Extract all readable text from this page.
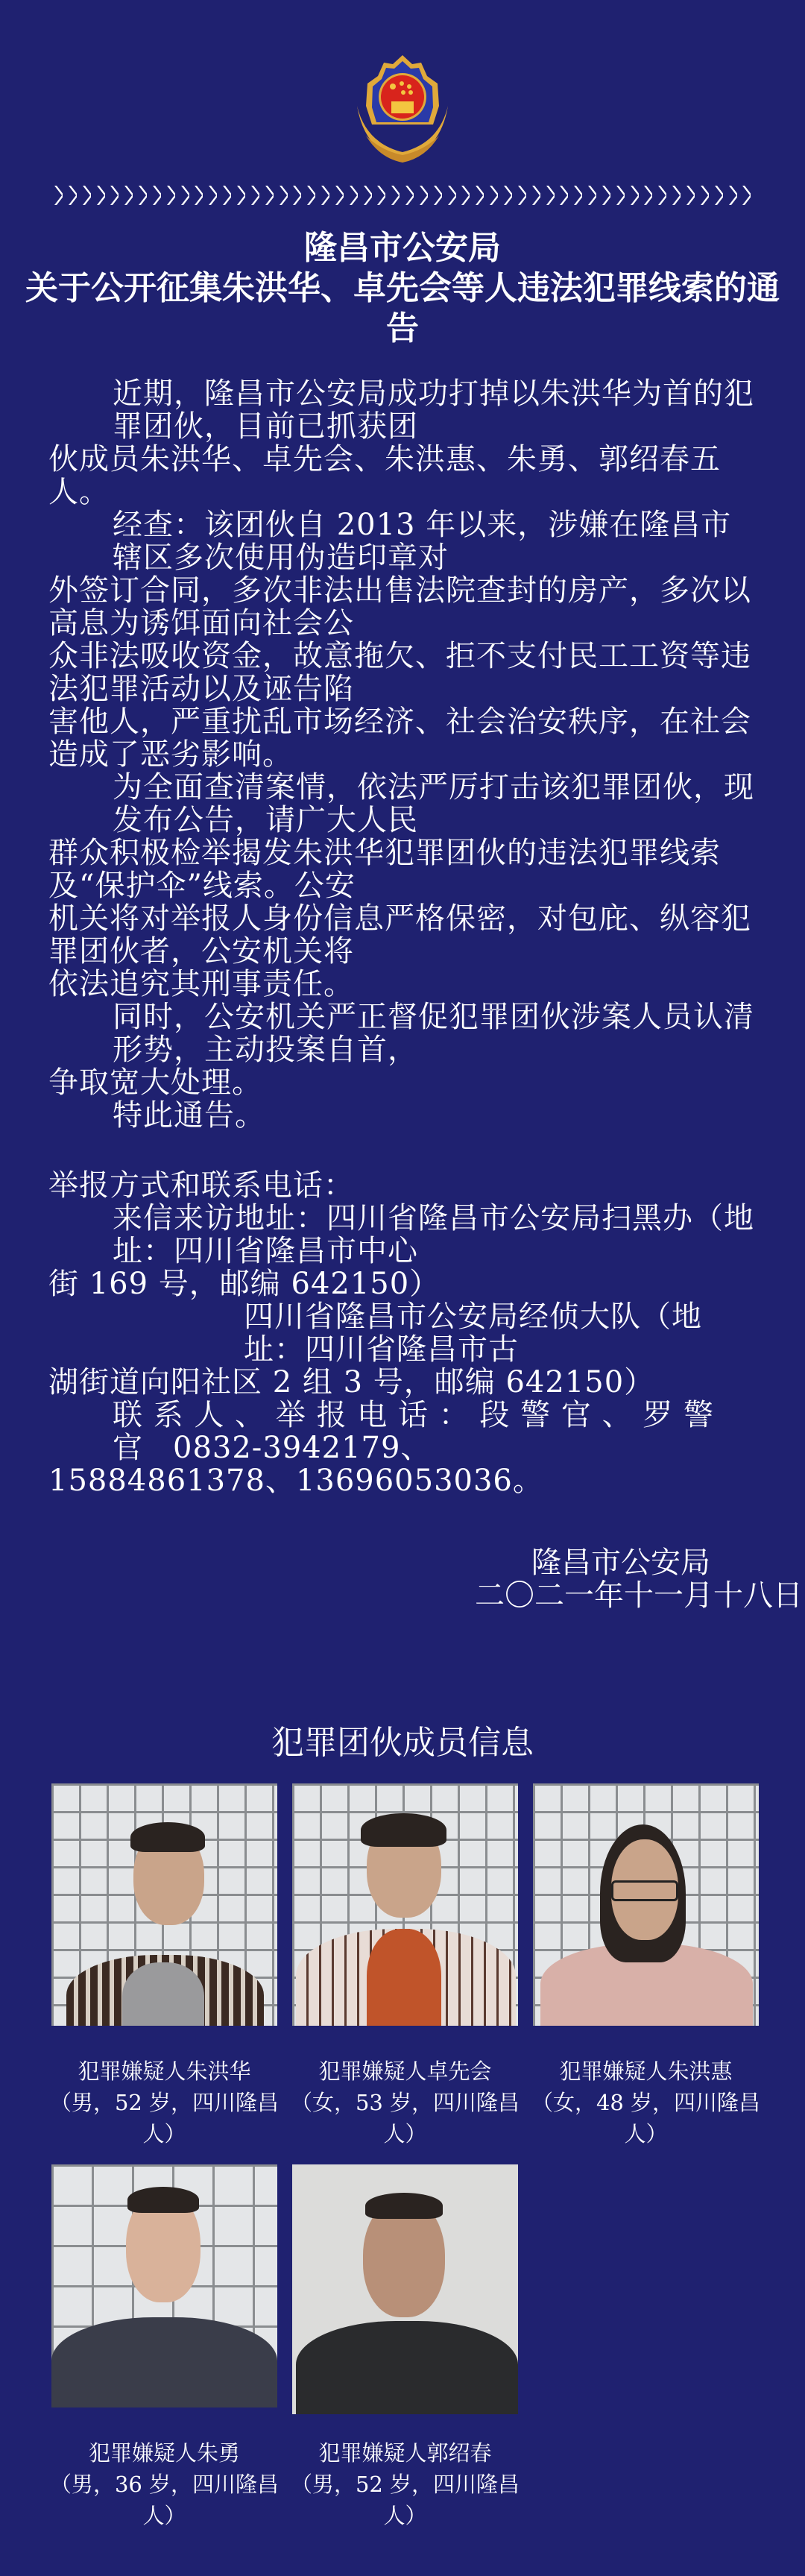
隆昌市公安局
关于公开征集朱洪华、卓先会等人违法犯罪线索的通告
近期，隆昌市公安局成功打掉以朱洪华为首的犯罪团伙，目前已抓获团
伙成员朱洪华、卓先会、朱洪惠、朱勇、郭绍春五人。
经查：该团伙自 2013 年以来，涉嫌在隆昌市辖区多次使用伪造印章对
外签订合同，多次非法出售法院查封的房产，多次以高息为诱饵面向社会公
众非法吸收资金，故意拖欠、拒不支付民工工资等违法犯罪活动以及诬告陷
害他人，严重扰乱市场经济、社会治安秩序，在社会造成了恶劣影响。
为全面查清案情，依法严厉打击该犯罪团伙，现发布公告，请广大人民
群众积极检举揭发朱洪华犯罪团伙的违法犯罪线索及“保护伞”线索。公安
机关将对举报人身份信息严格保密，对包庇、纵容犯罪团伙者，公安机关将
依法追究其刑事责任。
同时，公安机关严正督促犯罪团伙涉案人员认清形势，主动投案自首，
争取宽大处理。
特此通告。
举报方式和联系电话：
来信来访地址：四川省隆昌市公安局扫黑办（地址：四川省隆昌市中心
街 169 号，邮编 642150）
四川省隆昌市公安局经侦大队（地址：四川省隆昌市古
湖街道向阳社区 2 组 3 号，邮编 642150）
联 系 人 、 举 报 电 话 ： 段 警 官 、 罗 警 官 0832-3942179、
15884861378、13696053036。
隆昌市公安局
二〇二一年十一月十八日
犯罪团伙成员信息
犯罪嫌疑人朱洪华
（男，52 岁，四川隆昌人）
犯罪嫌疑人卓先会
（女，53 岁，四川隆昌人）
犯罪嫌疑人朱洪惠
（女，48 岁，四川隆昌人）
犯罪嫌疑人朱勇
（男，36 岁，四川隆昌人）
犯罪嫌疑人郭绍春
（男，52 岁，四川隆昌人）
